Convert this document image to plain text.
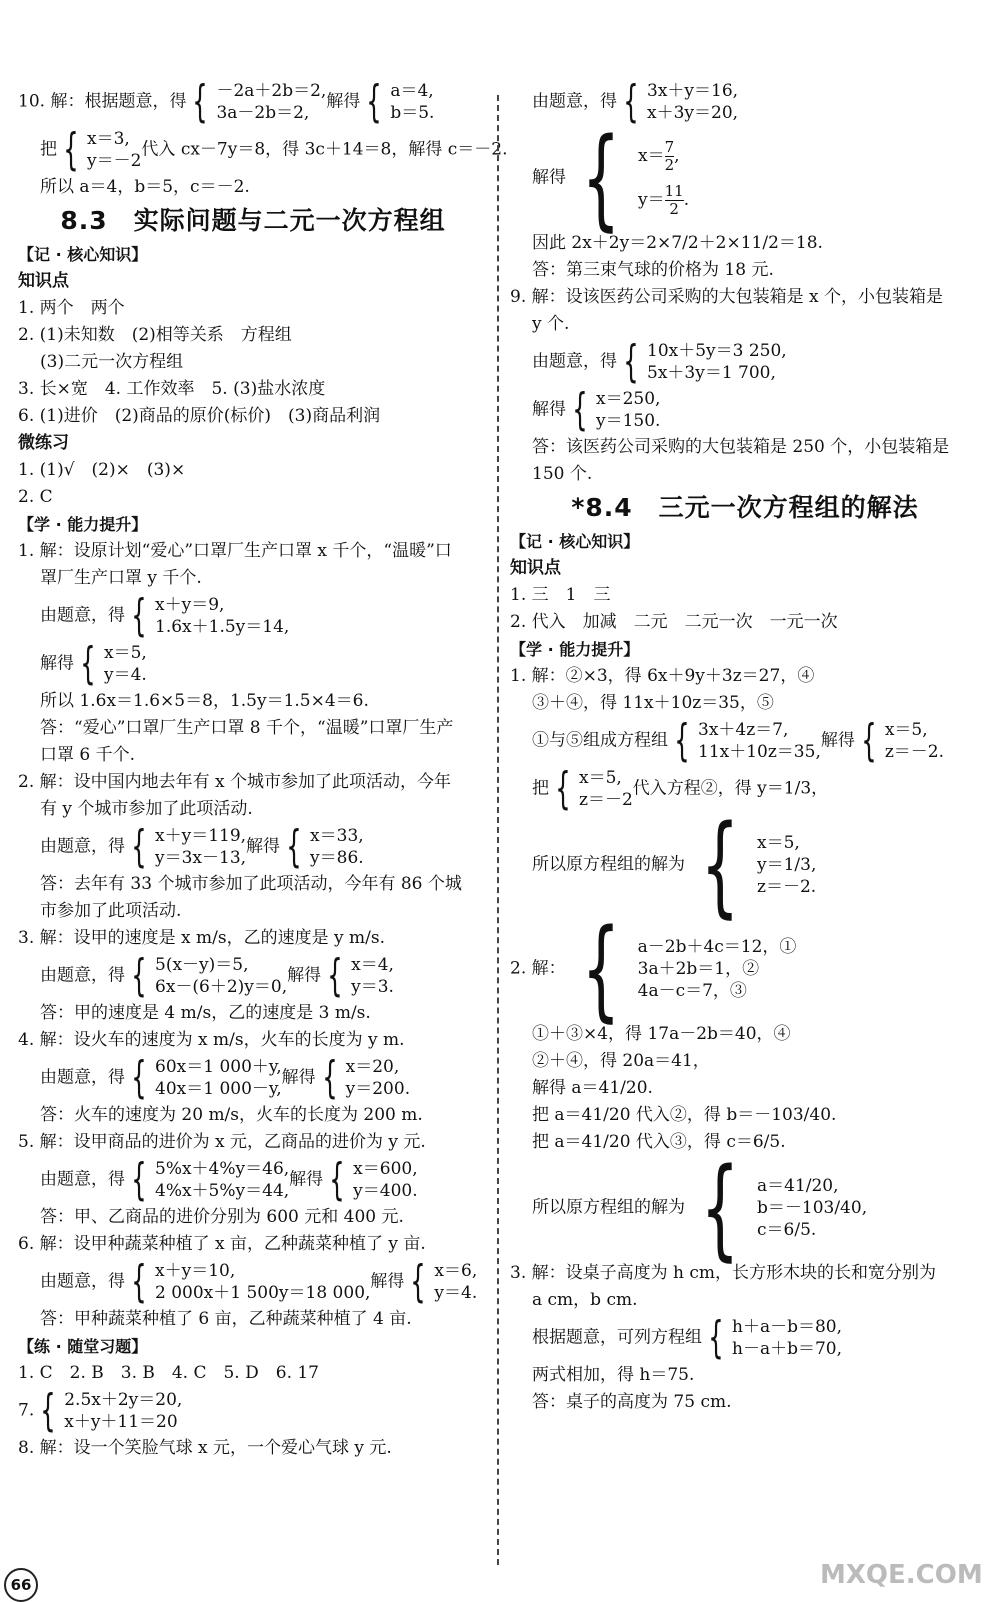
10. 解：根据题意，得 { －2a＋2b＝2,
3a－2b＝2,
解得 { a＝4,
b＝5.
把 { x＝3,
y＝－2
代入 cx－7y＝8，得 3c＋14＝8，解得 c＝－2.
所以 a＝4，b＝5，c＝－2.
8.3　实际问题与二元一次方程组
【记 · 核心知识】
知识点
1. 两个　两个
2. (1)未知数　(2)相等关系　方程组
(3)二元一次方程组
3. 长×宽　4. 工作效率　5. (3)盐水浓度
6. (1)进价　(2)商品的原价(标价)　(3)商品利润
微练习
1. (1)√　(2)×　(3)×
2. C
【学 · 能力提升】
1. 解：设原计划“爱心”口罩厂生产口罩 x 千个，“温暖”口
罩厂生产口罩 y 千个.
由题意，得 { x＋y＝9,
1.6x＋1.5y＝14,
解得 { x＝5,
y＝4.
所以 1.6x＝1.6×5＝8，1.5y＝1.5×4＝6.
答：“爱心”口罩厂生产口罩 8 千个，“温暖”口罩厂生产
口罩 6 千个.
2. 解：设中国内地去年有 x 个城市参加了此项活动，今年
有 y 个城市参加了此项活动.
由题意，得 { x＋y＝119,
y＝3x－13,
解得 { x＝33,
y＝86.
答：去年有 33 个城市参加了此项活动，今年有 86 个城
市参加了此项活动.
3. 解：设甲的速度是 x m/s，乙的速度是 y m/s.
由题意，得 { 5(x－y)＝5,
6x－(6＋2)y＝0,
解得 { x＝4,
y＝3.
答：甲的速度是 4 m/s，乙的速度是 3 m/s.
4. 解：设火车的速度为 x m/s，火车的长度为 y m.
由题意，得 { 60x＝1 000＋y,
40x＝1 000－y,
解得 { x＝20,
y＝200.
答：火车的速度为 20 m/s，火车的长度为 200 m.
5. 解：设甲商品的进价为 x 元，乙商品的进价为 y 元.
由题意，得 { 5%x＋4%y＝46,
4%x＋5%y＝44,
解得 { x＝600,
y＝400.
答：甲、乙商品的进价分别为 600 元和 400 元.
6. 解：设甲种蔬菜种植了 x 亩，乙种蔬菜种植了 y 亩.
由题意，得 { x＋y＝10,
2 000x＋1 500y＝18 000,
解得 { x＝6,
y＝4.
答：甲种蔬菜种植了 6 亩，乙种蔬菜种植了 4 亩.
【练 · 随堂习题】
1. C　2. B　3. B　4. C　5. D　6. 17
7. { 2.5x＋2y＝20,
x＋y＋11＝20
8. 解：设一个笑脸气球 x 元，一个爱心气球 y 元.
由题意，得 { 3x＋y＝16,
x＋3y＝20,
解得 { $x= \frac{7}{2}$ ,
$y= \frac{11}{2}$ .
因此 2x＋2y＝2×7/2＋2×11/2＝18.
答：第三束气球的价格为 18 元.
9. 解：设该医药公司采购的大包装箱是 x 个，小包装箱是
y 个.
由题意，得 { 10x＋5y＝3 250,
5x＋3y＝1 700,
解得 { x＝250,
y＝150.
答：该医药公司采购的大包装箱是 250 个，小包装箱是
150 个.
*8.4　三元一次方程组的解法
【记 · 核心知识】
知识点
1. 三　1　三
2. 代入　加减　二元　二元一次　一元一次
【学 · 能力提升】
1. 解：②×3，得 6x＋9y＋3z＝27，④
③＋④，得 11x＋10z＝35，⑤
①与⑤组成方程组 { 3x＋4z＝7,
11x＋10z＝35,
解得 { x＝5,
z＝－2.
把 { x＝5,
z＝－2
代入方程②，得 y＝1/3，
所以原方程组的解为 { x＝5,
y＝1/3,
z＝－2.
2. 解： { a－2b＋4c＝12，①
3a＋2b＝1，②
4a－c＝7，③
①＋③×4，得 17a－2b＝40，④
②＋④，得 20a＝41，
解得 a＝41/20.
把 a＝41/20 代入②，得 b＝－103/40.
把 a＝41/20 代入③，得 c＝6/5.
所以原方程组的解为 { a＝41/20,
b＝－103/40,
c＝6/5.
3. 解：设桌子高度为 h cm，长方形木块的长和宽分别为
a cm，b cm.
根据题意，可列方程组 { h＋a－b＝80,
h－a＋b＝70,
两式相加，得 h＝75.
答：桌子的高度为 75 cm.
66	MXQE.COM
